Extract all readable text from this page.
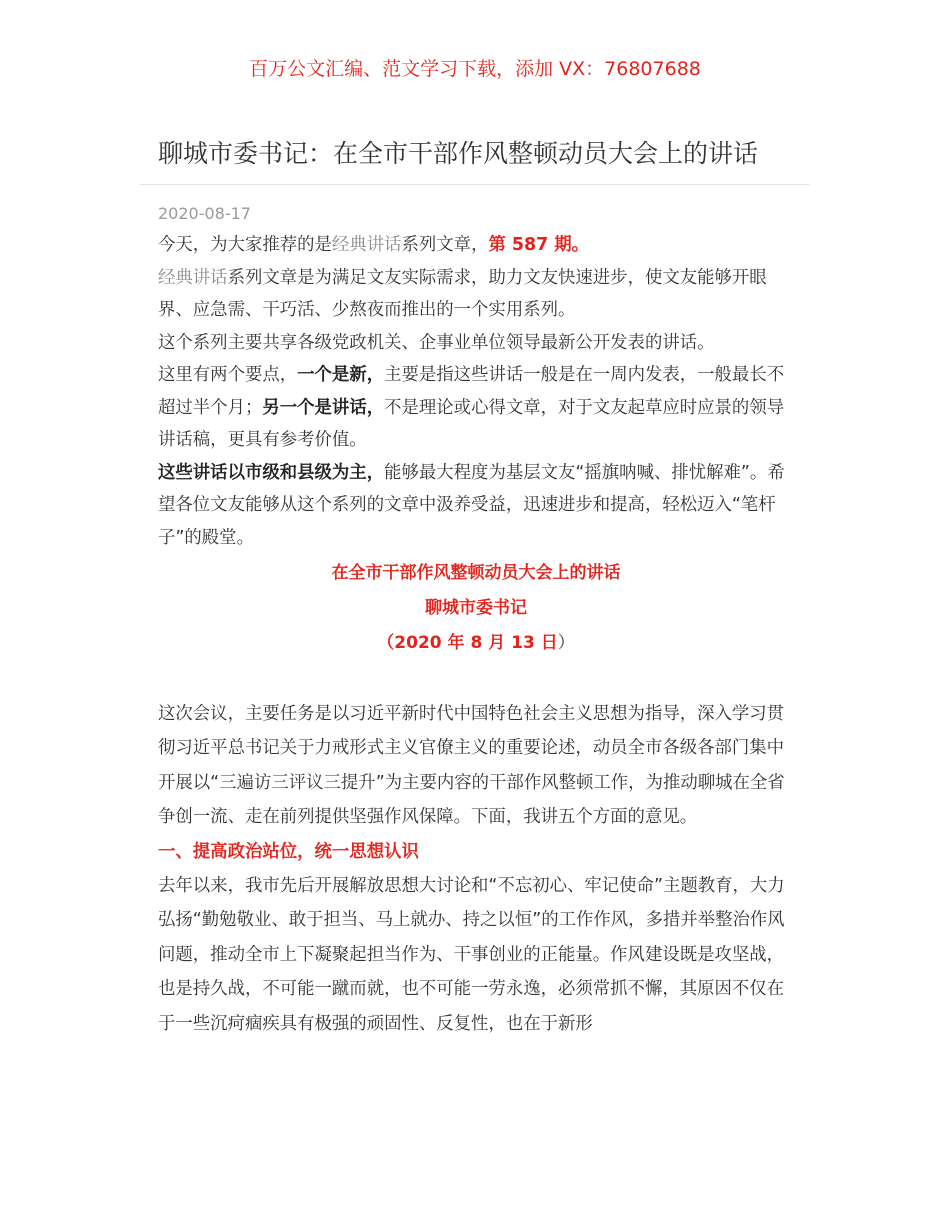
百万公文汇编、范文学习下载，添加 VX：76807688
聊城市委书记：在全市干部作风整顿动员大会上的讲话
2020-08-17

今天，为大家推荐的是经典讲话系列文章，第 587 期。

经典讲话系列文章是为满足文友实际需求，助力文友快速进步，使文友能够开眼界、应急需、干巧活、少熬夜而推出的一个实用系列。

这个系列主要共享各级党政机关、企事业单位领导最新公开发表的讲话。

这里有两个要点，一个是新，主要是指这些讲话一般是在一周内发表，一般最长不超过半个月；另一个是讲话，不是理论或心得文章，对于文友起草应时应景的领导讲话稿，更具有参考价值。

这些讲话以市级和县级为主，能够最大程度为基层文友“摇旗呐喊、排忧解难”。希望各位文友能够从这个系列的文章中汲养受益，迅速进步和提高，轻松迈入“笔杆子”的殿堂。

在全市干部作风整顿动员大会上的讲话

聊城市委书记

（2020 年 8 月 13 日）

这次会议，主要任务是以习近平新时代中国特色社会主义思想为指导，深入学习贯彻习近平总书记关于力戒形式主义官僚主义的重要论述，动员全市各级各部门集中开展以“三遍访三评议三提升”为主要内容的干部作风整顿工作，为推动聊城在全省争创一流、走在前列提供坚强作风保障。下面，我讲五个方面的意见。

一、提高政治站位，统一思想认识

去年以来，我市先后开展解放思想大讨论和“不忘初心、牢记使命”主题教育，大力弘扬“勤勉敬业、敢于担当、马上就办、持之以恒”的工作作风，多措并举整治作风问题，推动全市上下凝聚起担当作为、干事创业的正能量。作风建设既是攻坚战，也是持久战，不可能一蹴而就，也不可能一劳永逸，必须常抓不懈，其原因不仅在于一些沉疴痼疾具有极强的顽固性、反复性，也在于新形
